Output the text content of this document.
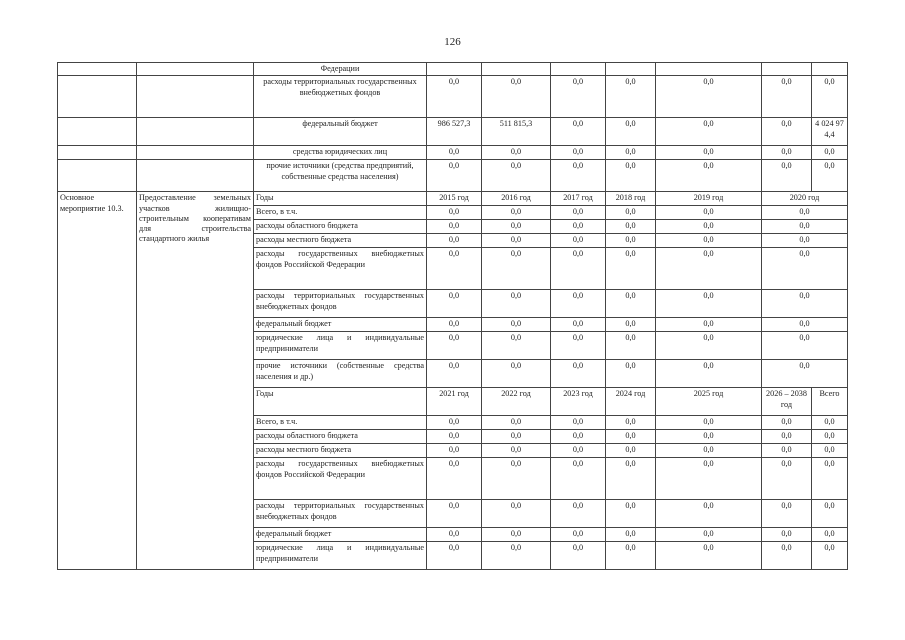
126
		Федерации							
		расходы территориальных государственных внебюджетных фондов	0,0	0,0	0,0	0,0	0,0	0,0	0,0
		федеральный бюджет	986 527,3	511 815,3	0,0	0,0	0,0	0,0	4 024 97 4,4
		средства юридических лиц	0,0	0,0	0,0	0,0	0,0	0,0	0,0
		прочие источники (средства предприятий, собственные средства населения)	0,0	0,0	0,0	0,0	0,0	0,0	0,0
Основное мероприятие 10.3.	Предоставление земельных участков жилищно-строительным кооперативам для строительства стандартного жилья	Годы	2015 год	2016 год	2017 год	2018 год	2019 год	2020 год	
		Всего, в т.ч.	0,0	0,0	0,0	0,0	0,0	0,0	
		расходы областного бюджета	0,0	0,0	0,0	0,0	0,0	0,0	
		расходы местного бюджета	0,0	0,0	0,0	0,0	0,0	0,0	
		расходы государственных внебюджетных фондов Российской Федерации	0,0	0,0	0,0	0,0	0,0	0,0	
		расходы территориальных государственных внебюджетных фондов	0,0	0,0	0,0	0,0	0,0	0,0	
		федеральный бюджет	0,0	0,0	0,0	0,0	0,0	0,0	
		юридические лица и индивидуальные предприниматели	0,0	0,0	0,0	0,0	0,0	0,0	
		прочие источники (собственные средства населения и др.)	0,0	0,0	0,0	0,0	0,0	0,0	
		Годы	2021 год	2022 год	2023 год	2024 год	2025 год	2026 – 2038 год	Всего
		Всего, в т.ч.	0,0	0,0	0,0	0,0	0,0	0,0	0,0
		расходы областного бюджета	0,0	0,0	0,0	0,0	0,0	0,0	0,0
		расходы местного бюджета	0,0	0,0	0,0	0,0	0,0	0,0	0,0
		расходы государственных внебюджетных фондов Российской Федерации	0,0	0,0	0,0	0,0	0,0	0,0	0,0
		расходы территориальных государственных внебюджетных фондов	0,0	0,0	0,0	0,0	0,0	0,0	0,0
		федеральный бюджет	0,0	0,0	0,0	0,0	0,0	0,0	0,0
		юридические лица и индивидуальные предприниматели	0,0	0,0	0,0	0,0	0,0	0,0	0,0
